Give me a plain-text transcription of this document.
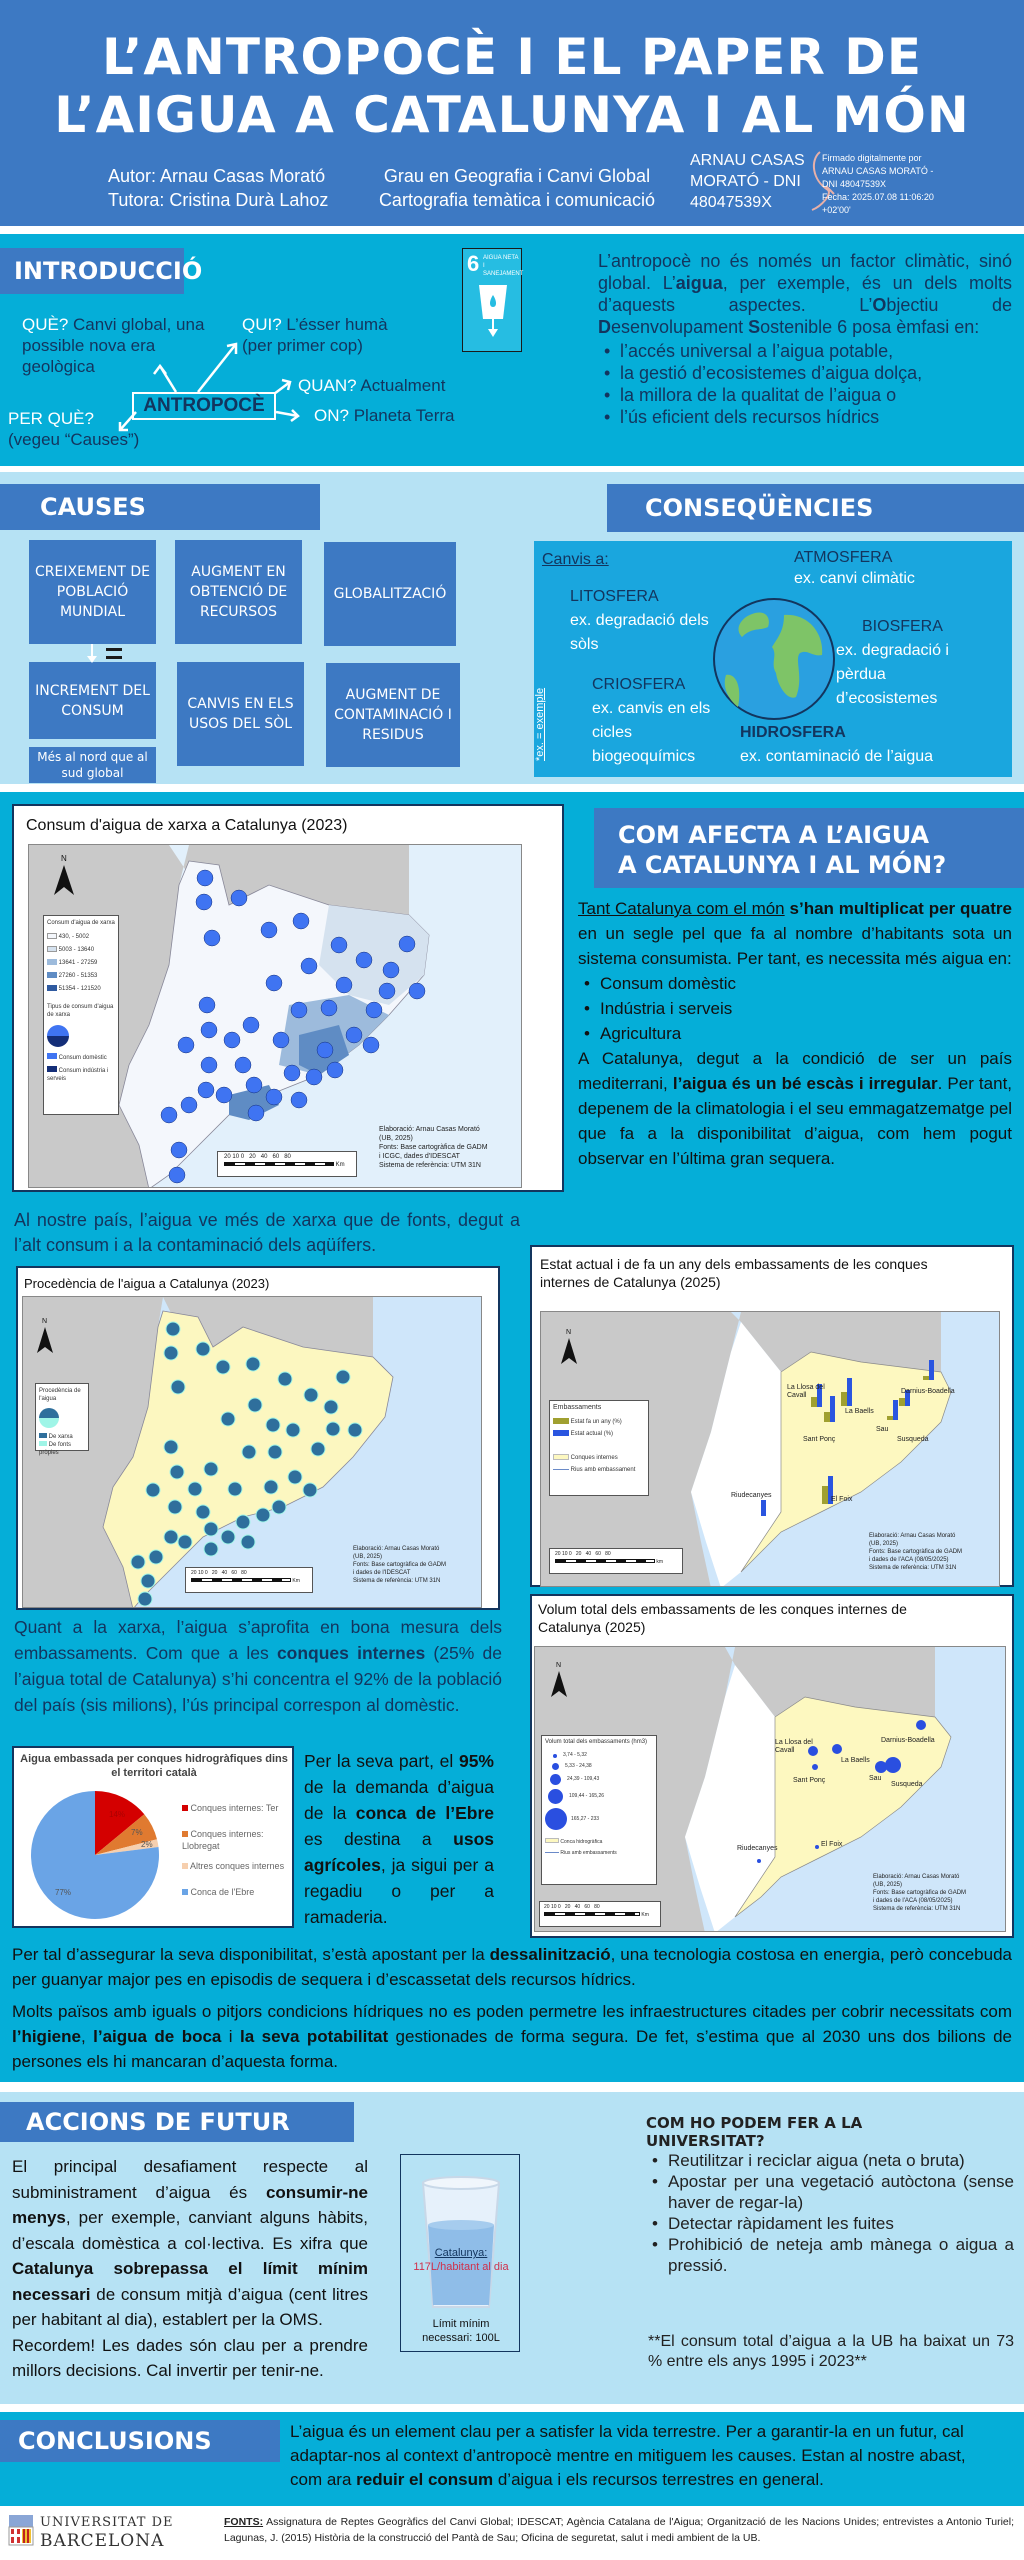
L’ANTROPOCÈ I EL PAPER DE
L’AIGUA A CATALUNYA I AL MÓN
Autor: Arnau Casas Morató
Tutora: Cristina Durà Lahoz
Grau en Geografia i Canvi Global
Cartografia temàtica i comunicació
ARNAU CASAS
MORATÓ - DNI
48047539X
Firmado digitalmente por
ARNAU CASAS MORATÓ -
DNI 48047539X
Fecha: 2025.07.08 11:06:20
+02'00'
INTRODUCCIÓ
QUÈ? Canvi global, una possible nova era geològica
QUI? L’ésser humà (per primer cop)
QUAN? Actualment
ON? Planeta Terra
PER QUÈ?
(vegeu “Causes”)
ANTROPOCÈ
6 AIGUA NETA
I SANEJAMENT
L’antropocè no és només un factor climàtic, sinó global. L’aigua, per exemple, és un dels molts d’aquests aspectes. L’Objectiu de Desenvolupament Sostenible 6 posa èmfasi en:
• l’accés universal a l’aigua potable,
• la gestió d’ecosistemes d’aigua dolça,
• la millora de la qualitat de l’aigua o
• l’ús eficient dels recursos hídrics
CAUSES
CREIXEMENT DE POBLACIÓ MUNDIAL
AUGMENT EN OBTENCIÓ DE RECURSOS
GLOBALITZACIÓ
INCREMENT DEL CONSUM	CANVIS EN ELS USOS DEL SÒL
AUGMENT DE CONTAMINACIÓ I RESIDUS
Més al nord que al sud global
CONSEQÜÈNCIES
Canvis a:
*ex. = exemple
ATMOSFERA
ex. canvi climàtic
LITOSFERA
ex. degradació dels sòls
BIOSFERA
ex. degradació i pèrdua d’ecosistemes
CRIOSFERA
ex. canvis en els cicles biogeoquímics
HIDROSFERA
ex. contaminació de l’aigua
Consum d'aigua de xarxa a Catalunya (2023)
N
Consum d'aigua de xarxa
430, - 5002
5003 - 13640
13641 - 27259
27260 - 51353
51354 - 121520
Tipus de consum d'aigua de xarxa
Consum domèstic
Consum indústria i serveis
20 10 0 20 40 60 80  Km
Elaboració: Arnau Casas Morató
(UB, 2025)
Fonts: Base cartogràfica de GADM
i ICGC, dades d'IDESCAT
Sistema de referència: UTM 31N
COM AFECTA A L’AIGUA
A CATALUNYA I AL MÓN?
Tant Catalunya com el món s’han multiplicat per quatre en un segle pel que fa al nombre d’habitants sota un sistema consumista. Per tant, es necessita més aigua en:
• Consum domèstic
• Indústria i serveis
• Agricultura
A Catalunya, degut a la condició de ser un país mediterrani, l’aigua és un bé escàs i irregular. Per tant, depenem de la climatologia i el seu emmagatzematge pel que fa a la disponibilitat d’aigua, com hem pogut observar en l’última gran sequera.
Al nostre país, l’aigua ve més de xarxa que de fonts, degut a l’alt consum i a la contaminació dels aqüífers.
Procedència de l'aigua a Catalunya (2023)
N
Procedència de l'aigua
De xarxa
De fonts pròpies
20 10 0 20 40 60 80  Km
Elaboració: Arnau Casas Morató
(UB, 2025)
Fonts: Base cartogràfica de GADM
i dades de l'IDESCAT
Sistema de referència: UTM 31N
Estat actual i de fa un any dels embassaments de les conques internes de Catalunya (2025)
N
La Llosa del Cavall
La Baells
Darnius-Boadella
Sant Ponç
Sau
Susqueda
Riudecanyes
El Foix
Embassaments
Estat fa un any (%)
Estat actual (%)
Conques internes
Rius amb embassament
20 10 0 20 40 60 80  km
Elaboració: Arnau Casas Morató
(UB, 2025)
Fonts: Base cartogràfica de GADM
i dades de l'ACA (08/05/2025)
Sistema de referència: UTM 31N
Volum total dels embassaments de les conques internes de Catalunya (2025)
N
La Llosa del Cavall
La Baells
Darnius-Boadella
Sant Ponç	Sau
Susqueda
Riudecanyes
El Foix
Volum total dels embassaments (hm3)
3,74 - 5,32
5,33 - 24,38
24,39 - 109,43
109,44 - 165,26
165,27 - 233
Conca hidrogràfica
Rius amb embassaments
20 10 0 20 40 60 80  Km
Elaboració: Arnau Casas Morató
(UB, 2025)
Fonts: Base cartogràfica de GADM
i dades de l'ACA (08/05/2025)
Sistema de referència: UTM 31N
Quant a la xarxa, l’aigua s’aprofita en bona mesura dels embassaments. Com que a les conques internes (25% de l’aigua total de Catalunya) s’hi concentra el 92% de la població del país (sis milions), l’ús principal correspon al domèstic.
Aigua embassada per conques hidrogràfiques dins el territori català
14%
7%
2%
77%
Conques internes: Ter
Conques internes: Llobregat
Altres conques internes
Conca de l'Ebre
Per la seva part, el 95% de la demanda d’aigua de la conca de l’Ebre es destina a usos agrícoles, ja sigui per a regadiu o per a ramaderia.
Per tal d’assegurar la seva disponibilitat, s’està apostant per la dessalinització, una tecnologia costosa en energia, però concebuda per guanyar major pes en episodis de sequera i d’escassetat dels recursos hídrics.
Molts països amb iguals o pitjors condicions hídriques no es poden permetre les infraestructures citades per cobrir necessitats com l’higiene, l’aigua de boca i la seva potabilitat gestionades de forma segura. De fet, s’estima que al 2030 uns dos bilions de persones els hi mancaran d’aquesta forma.
ACCIONS DE FUTUR
El principal desafiament respecte al subministrament d’aigua és consumir-ne menys, per exemple, canviant alguns hàbits, d’escala domèstica a col·lectiva. Es xifra que Catalunya sobrepassa el límit mínim necessari de consum mitjà d’aigua (cent litres per habitant al dia), establert per la OMS.
Recordem! Les dades són clau per a prendre millors decisions. Cal invertir per tenir-ne.
Catalunya:
117L/habitant al dia
Límit mínim necessari: 100L
COM HO PODEM FER A LA UNIVERSITAT?
• Reutilitzar i reciclar aigua (neta o bruta)
• Apostar per una vegetació autòctona (sense haver de regar-la)
• Detectar ràpidament les fuites
• Prohibició de neteja amb mànega o aigua a pressió.
**El consum total d’aigua a la UB ha baixat un 73 % entre els anys 1995 i 2023**
CONCLUSIONS	L’aigua és un element clau per a satisfer la vida terrestre. Per a garantir-la en un futur, cal adaptar-nos al context d’antropocè mentre en mitiguem les causes. Estan al nostre abast, com ara reduir el consum d’aigua i els recursos terrestres en general.
UNIVERSITAT DE
BARCELONA
FONTS: Assignatura de Reptes Geogràfics del Canvi Global; IDESCAT; Agència Catalana de l'Aigua; Organització de les Nacions Unides; entrevistes a Antonio Turiel; Lagunas, J. (2015) Història de la construcció del Pantà de Sau; Oficina de seguretat, salut i medi ambient de la UB.
